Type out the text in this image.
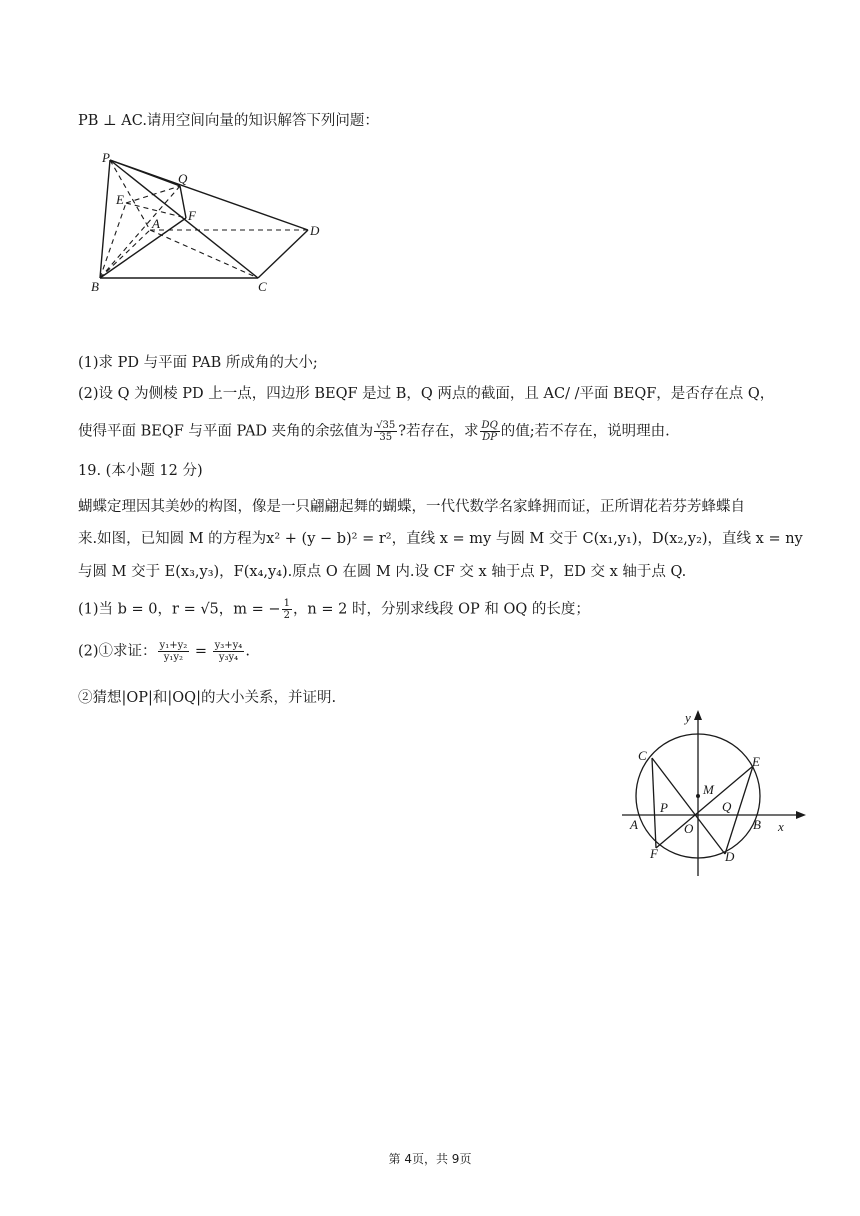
PB ⊥ AC.请用空间向量的知识解答下列问题：
P
Q
E
F
A	D
B	C
(1)求 PD 与平面 PAB 所成角的大小;
(2)设 Q 为侧棱 PD 上一点，四边形 BEQF 是过 B，Q 两点的截面，且 AC/ /平面 BEQF，是否存在点 Q，
使得平面 BEQF 与平面 PAD 夹角的余弦值为 $\frac{√35}{35}$ ?若存在，求 $\frac{DQ}{DP}$ 的值;若不存在，说明理由.
19. (本小题 12 分)
蝴蝶定理因其美妙的构图，像是一只翩翩起舞的蝴蝶，一代代数学名家蜂拥而证，正所谓花若芬芳蜂蝶自
来.如图，已知圆 M 的方程为x² + (y − b)² = r²，直线 x = my 与圆 M 交于 C(x₁,y₁)，D(x₂,y₂)，直线 x = ny
与圆 M 交于 E(x₃,y₃)，F(x₄,y₄).原点 O 在圆 M 内.设 CF 交 x 轴于点 P，ED 交 x 轴于点 Q.
(1)当 b = 0，r = √5，m = − $\frac{1}{2}$ ，n = 2 时，分别求线段 OP 和 OQ 的长度；
(2)①求证： $\frac{\text{y₁+y₂}}{\text{y₁y₂}} = \frac{\text{y₃+y₄}}{\text{y₃y₄}}$ .
②猜想|OP|和|OQ|的大小关系，并证明.
y
x
C	E
M
P	Q
A	B
O
F	D
第 4页，共 9页
